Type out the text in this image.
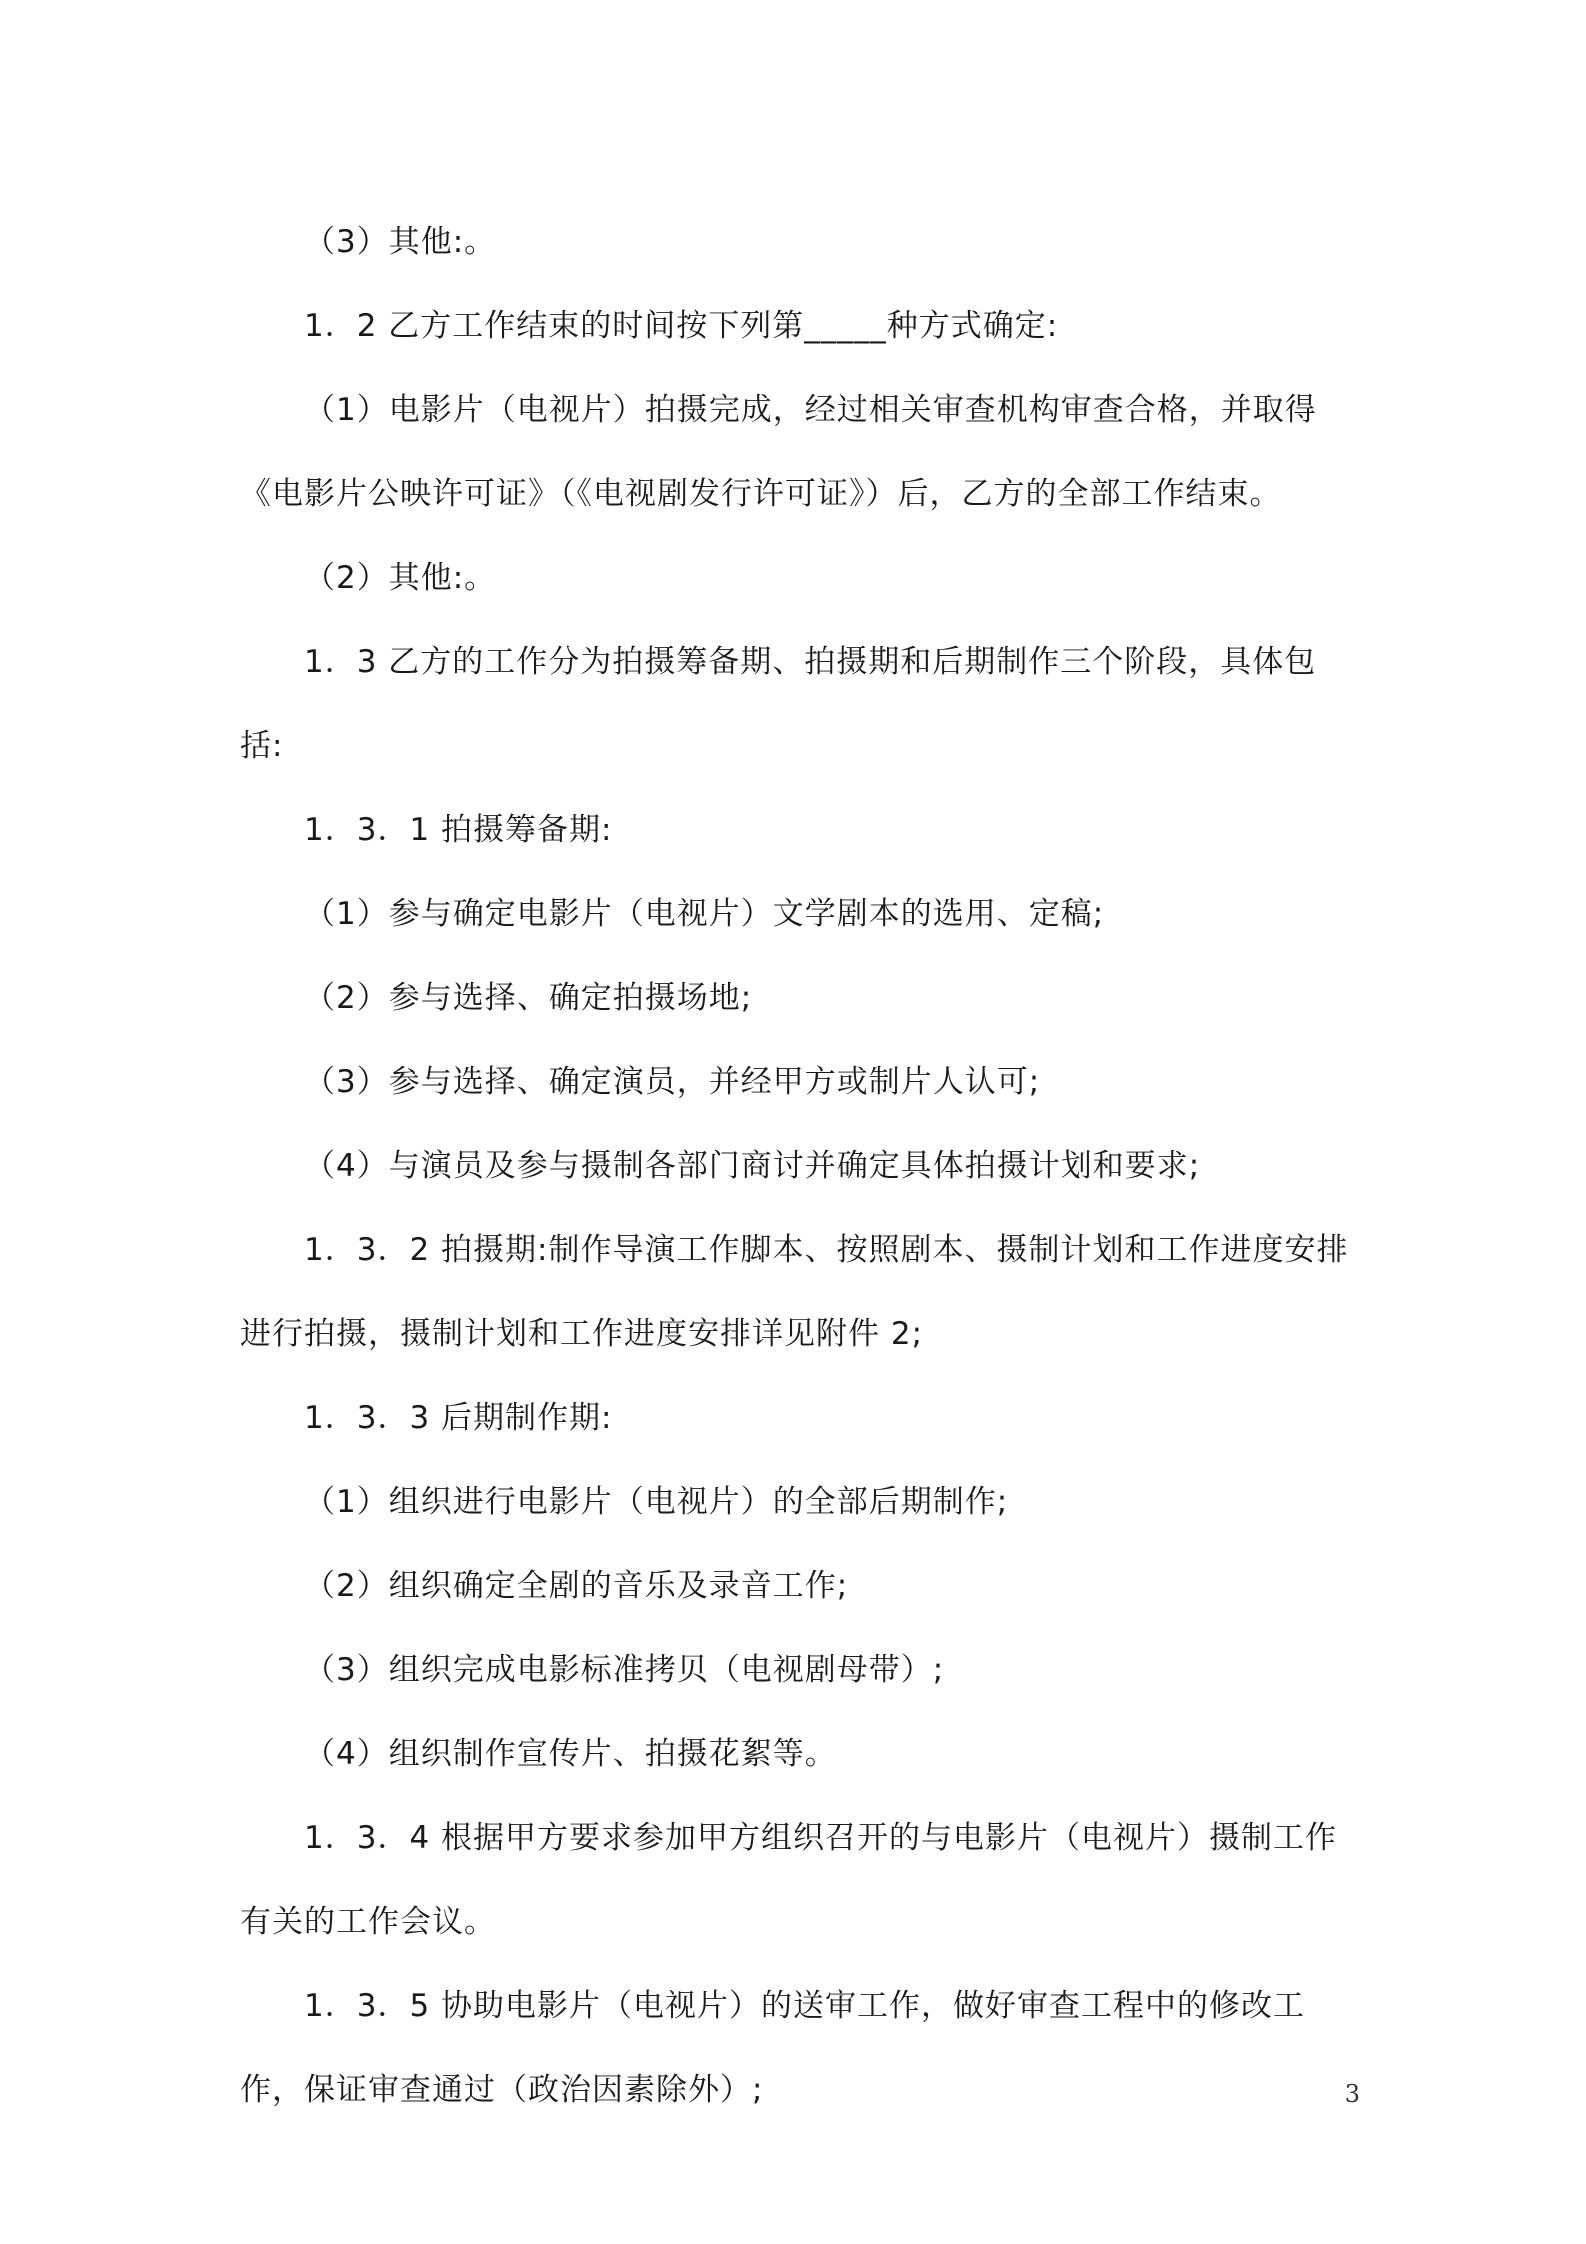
（3）其他:。

1．2 乙方工作结束的时间按下列第_____种方式确定:

（1）电影片（电视片）拍摄完成，经过相关审查机构审查合格，并取得《电影片公映许可证》（《电视剧发行许可证》）后，乙方的全部工作结束。

（2）其他:。

1．3 乙方的工作分为拍摄筹备期、拍摄期和后期制作三个阶段，具体包括:

1．3．1 拍摄筹备期:

（1）参与确定电影片（电视片）文学剧本的选用、定稿;

（2）参与选择、确定拍摄场地;

（3）参与选择、确定演员，并经甲方或制片人认可;

（4）与演员及参与摄制各部门商讨并确定具体拍摄计划和要求;

1．3．2 拍摄期:制作导演工作脚本、按照剧本、摄制计划和工作进度安排进行拍摄，摄制计划和工作进度安排详见附件 2;

1．3．3 后期制作期:

（1）组织进行电影片（电视片）的全部后期制作;

（2）组织确定全剧的音乐及录音工作;

（3）组织完成电影标准拷贝（电视剧母带）;

（4）组织制作宣传片、拍摄花絮等。

1．3．4 根据甲方要求参加甲方组织召开的与电影片（电视片）摄制工作有关的工作会议。

1．3．5 协助电影片（电视片）的送审工作，做好审查工程中的修改工作，保证审查通过（政治因素除外）;	3
